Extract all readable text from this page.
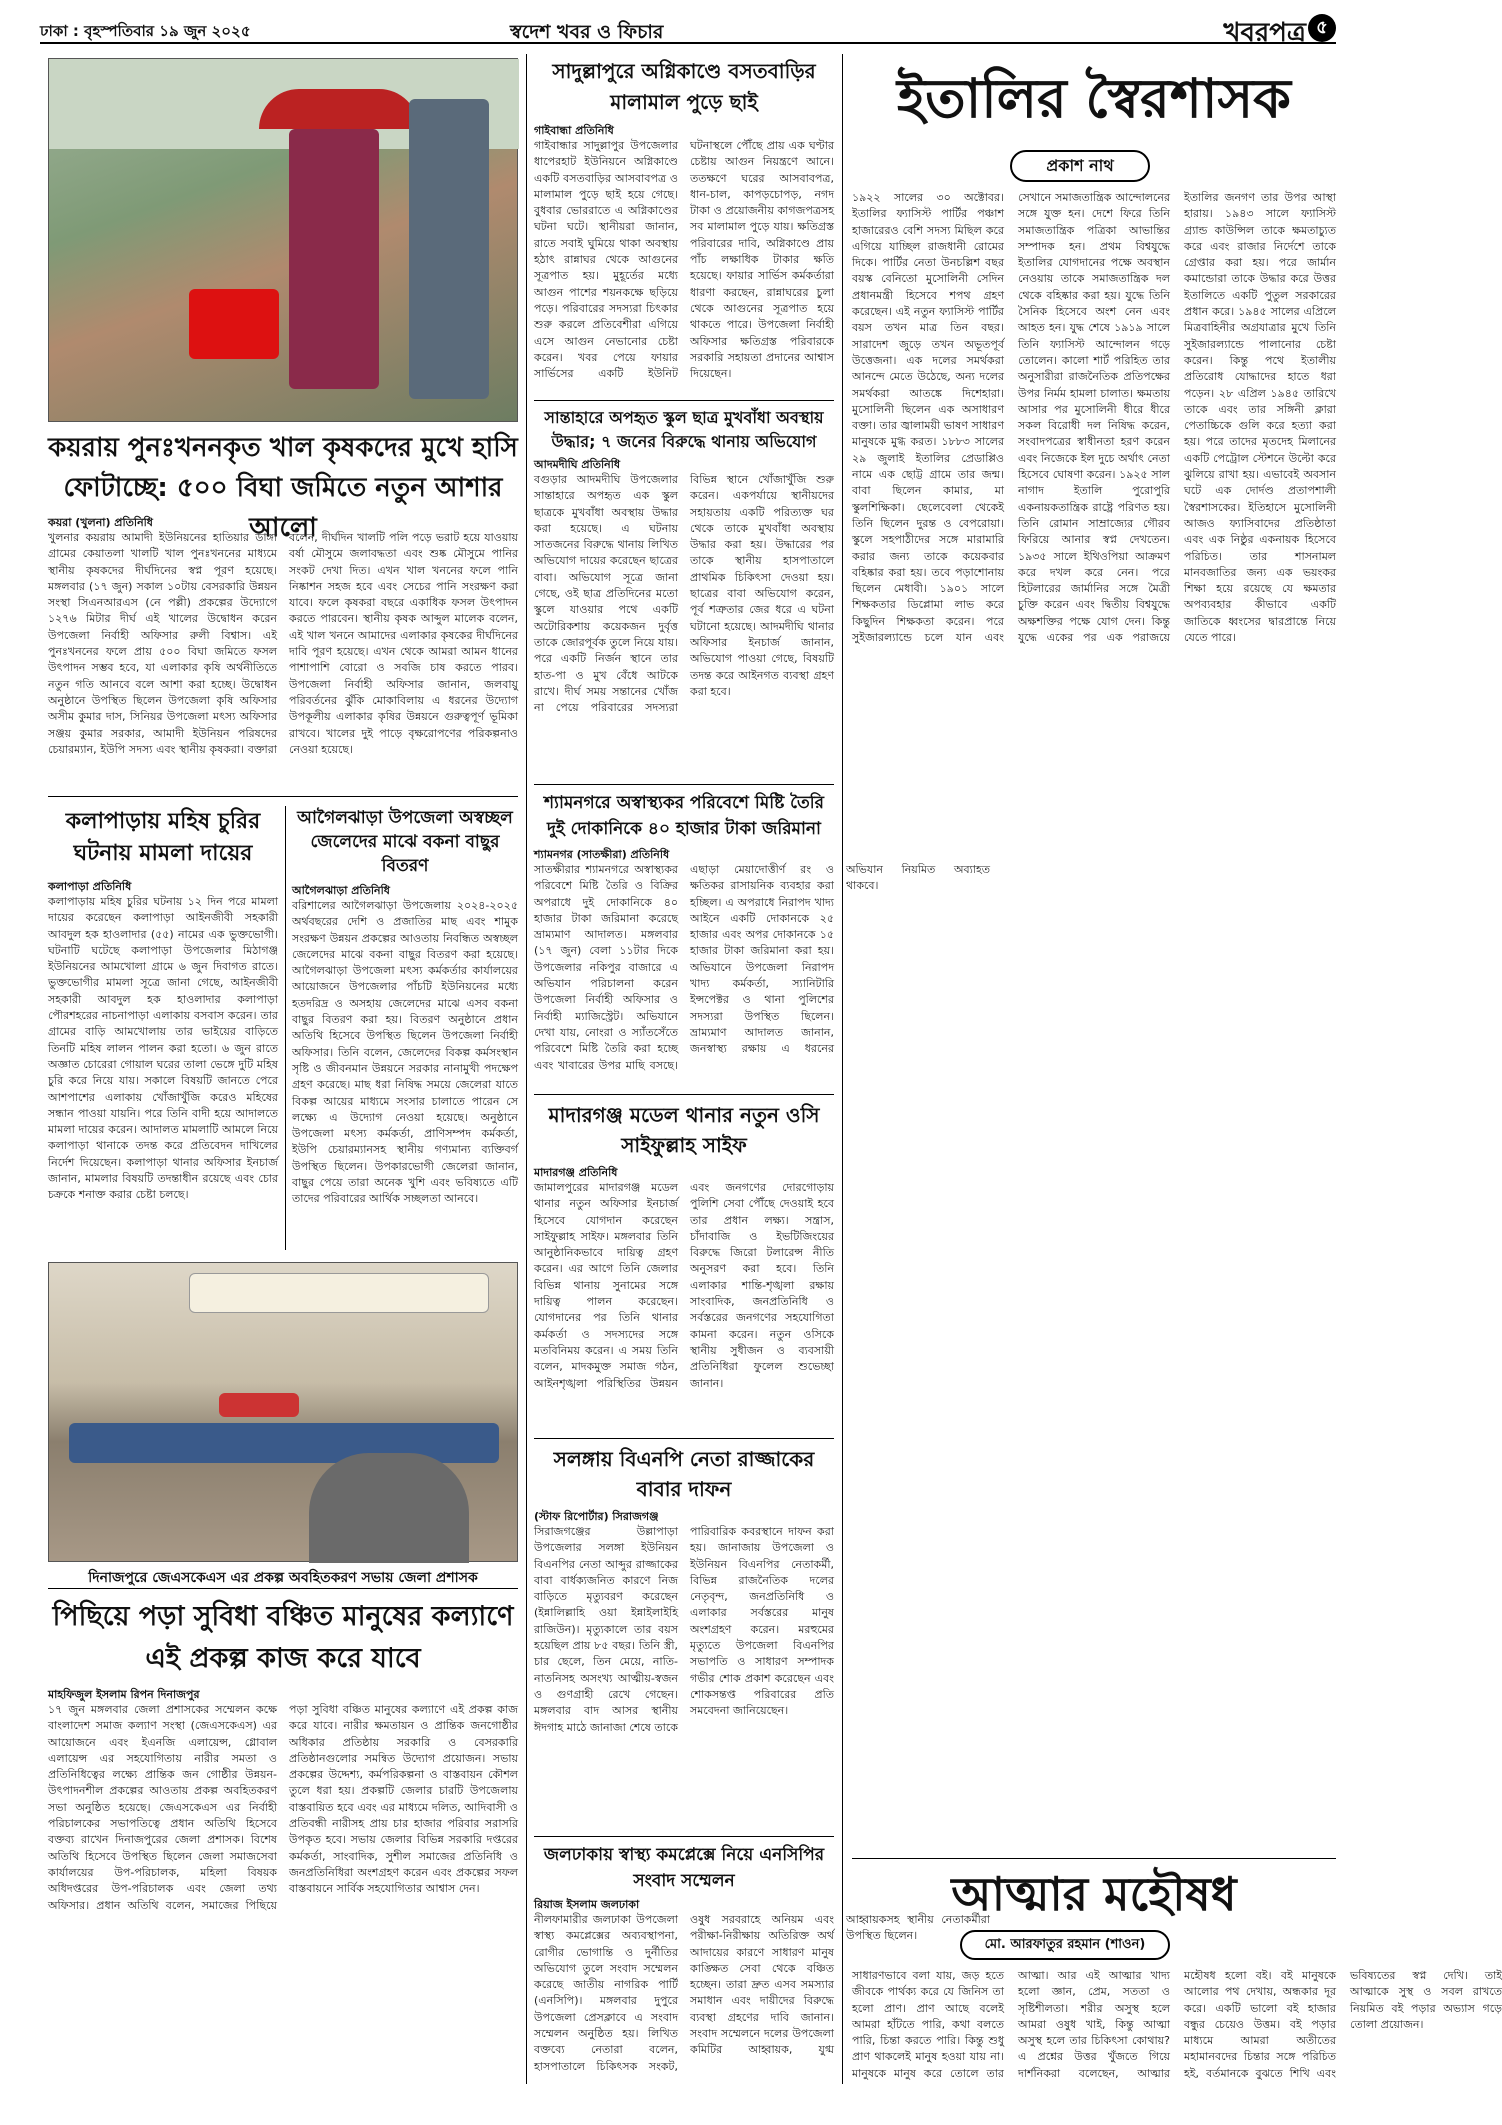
ঢাকা : বৃহস্পতিবার ১৯ জুন ২০২৫	স্বদেশ খবর ও ফিচার	খবরপত্র ৫
কয়রায় পুনঃখননকৃত খাল কৃষকদের মুখে হাসি ফোটাচ্ছে: ৫০০ বিঘা জমিতে নতুন আশার আলো
কয়রা (খুলনা) প্রতিনিধি
খুলনার কয়রায় আমাদী ইউনিয়নের হাতিয়ার ডাঙ্গা গ্রামের কেয়াতলা খালটি খাল পুনঃখননের মাধ্যমে স্থানীয় কৃষকদের দীর্ঘদিনের স্বপ্ন পূরণ হয়েছে। মঙ্গলবার (১৭ জুন) সকাল ১০টায় বেসরকারি উন্নয়ন সংস্থা সিএনআরএস (নে পল্লী) প্রকল্পের উদ্যোগে ১২৭৬ মিটার দীর্ঘ এই খালের উদ্বোধন করেন উপজেলা নির্বাহী অফিসার রুলী বিশ্বাস। এই পুনঃখননের ফলে প্রায় ৫০০ বিঘা জমিতে ফসল উৎপাদন সম্ভব হবে, যা এলাকার কৃষি অর্থনীতিতে নতুন গতি আনবে বলে আশা করা হচ্ছে। উদ্বোধন অনুষ্ঠানে উপস্থিত ছিলেন উপজেলা কৃষি অফিসার অসীম কুমার দাস, সিনিয়র উপজেলা মৎস্য অফিসার সঞ্জয় কুমার সরকার, আমাদী ইউনিয়ন পরিষদের চেয়ারম্যান, ইউপি সদস্য এবং স্থানীয় কৃষকরা। বক্তারা বলেন, দীর্ঘদিন খালটি পলি পড়ে ভরাট হয়ে যাওয়ায় বর্ষা মৌসুমে জলাবদ্ধতা এবং শুষ্ক মৌসুমে পানির সংকট দেখা দিত। এখন খাল খননের ফলে পানি নিষ্কাশন সহজ হবে এবং সেচের পানি সংরক্ষণ করা যাবে। ফলে কৃষকরা বছরে একাধিক ফসল উৎপাদন করতে পারবেন। স্থানীয় কৃষক আব্দুল মালেক বলেন, এই খাল খননে আমাদের এলাকার কৃষকের দীর্ঘদিনের দাবি পূরণ হয়েছে। এখন থেকে আমরা আমন ধানের পাশাপাশি বোরো ও সবজি চাষ করতে পারব। উপজেলা নির্বাহী অফিসার জানান, জলবায়ু পরিবর্তনের ঝুঁকি মোকাবিলায় এ ধরনের উদ্যোগ উপকূলীয় এলাকার কৃষির উন্নয়নে গুরুত্বপূর্ণ ভূমিকা রাখবে। খালের দুই পাড়ে বৃক্ষরোপণের পরিকল্পনাও নেওয়া হয়েছে।
কলাপাড়ায় মহিষ চুরির ঘটনায় মামলা দায়ের
কলাপাড়া প্রতিনিধি
কলাপাড়ায় মহিষ চুরির ঘটনায় ১২ দিন পরে মামলা দায়ের করেছেন কলাপাড়া আইনজীবী সহকারী আবদুল হক হাওলাদার (৫৫) নামের এক ভুক্তভোগী। ঘটনাটি ঘটেছে কলাপাড়া উপজেলার মিঠাগঞ্জ ইউনিয়নের আমখোলা গ্রামে ৬ জুন দিবাগত রাতে। ভুক্তভোগীর মামলা সূত্রে জানা গেছে, আইনজীবী সহকারী আবদুল হক হাওলাদার কলাপাড়া পৌরশহরের নাচনাপাড়া এলাকায় বসবাস করেন। তার গ্রামের বাড়ি আমখোলায় তার ভাইয়ের বাড়িতে তিনটি মহিষ লালন পালন করা হতো। ৬ জুন রাতে অজ্ঞাত চোরেরা গোয়াল ঘরের তালা ভেঙ্গে দুটি মহিষ চুরি করে নিয়ে যায়। সকালে বিষয়টি জানতে পেরে আশপাশের এলাকায় খোঁজাখুঁজি করেও মহিষের সন্ধান পাওয়া যায়নি। পরে তিনি বাদী হয়ে আদালতে মামলা দায়ের করেন। আদালত মামলাটি আমলে নিয়ে কলাপাড়া থানাকে তদন্ত করে প্রতিবেদন দাখিলের নির্দেশ দিয়েছেন। কলাপাড়া থানার অফিসার ইনচার্জ জানান, মামলার বিষয়টি তদন্তাধীন রয়েছে এবং চোর চক্রকে শনাক্ত করার চেষ্টা চলছে।
আগৈলঝাড়া উপজেলা অস্বচ্ছল জেলেদের মাঝে বকনা বাছুর বিতরণ
আগৈলঝাড়া প্রতিনিধি
বরিশালের আগৈলঝাড়া উপজেলায় ২০২৪-২০২৫ অর্থবছরের দেশি ও প্রজাতির মাছ এবং শামুক সংরক্ষণ উন্নয়ন প্রকল্পের আওতায় নিবন্ধিত অস্বচ্ছল জেলেদের মাঝে বকনা বাছুর বিতরণ করা হয়েছে। আগৈলঝাড়া উপজেলা মৎস্য কর্মকর্তার কার্যালয়ের আয়োজনে উপজেলার পাঁচটি ইউনিয়নের মধ্যে হতদরিদ্র ও অসহায় জেলেদের মাঝে এসব বকনা বাছুর বিতরণ করা হয়। বিতরণ অনুষ্ঠানে প্রধান অতিথি হিসেবে উপস্থিত ছিলেন উপজেলা নির্বাহী অফিসার। তিনি বলেন, জেলেদের বিকল্প কর্মসংস্থান সৃষ্টি ও জীবনমান উন্নয়নে সরকার নানামুখী পদক্ষেপ গ্রহণ করেছে। মাছ ধরা নিষিদ্ধ সময়ে জেলেরা যাতে বিকল্প আয়ের মাধ্যমে সংসার চালাতে পারেন সে লক্ষ্যে এ উদ্যোগ নেওয়া হয়েছে। অনুষ্ঠানে উপজেলা মৎস্য কর্মকর্তা, প্রাণিসম্পদ কর্মকর্তা, ইউপি চেয়ারম্যানসহ স্থানীয় গণ্যমান্য ব্যক্তিবর্গ উপস্থিত ছিলেন। উপকারভোগী জেলেরা জানান, বাছুর পেয়ে তারা অনেক খুশি এবং ভবিষ্যতে এটি তাদের পরিবারের আর্থিক সচ্ছলতা আনবে।
দিনাজপুরে জেএসকেএস এর প্রকল্প অবহিতকরণ সভায় জেলা প্রশাসক
পিছিয়ে পড়া সুবিধা বঞ্চিত মানুষের কল্যাণে এই প্রকল্প কাজ করে যাবে
মাহফিজুল ইসলাম রিপন দিনাজপুর
১৭ জুন মঙ্গলবার জেলা প্রশাসকের সম্মেলন কক্ষে বাংলাদেশ সমাজ কল্যাণ সংস্থা (জেএসকেএস) এর আয়োজনে এবং ইএনজি এলায়েন্স, গ্লোবাল এলায়েন্স এর সহযোগিতায় নারীর সমতা ও প্রতিনিধিত্বের লক্ষ্যে প্রান্তিক জন গোষ্ঠীর উন্নয়ন- উৎপাদনশীল প্রকল্পের আওতায় প্রকল্প অবহিতকরণ সভা অনুষ্ঠিত হয়েছে। জেএসকেএস এর নির্বাহী পরিচালকের সভাপতিত্বে প্রধান অতিথি হিসেবে বক্তব্য রাখেন দিনাজপুরের জেলা প্রশাসক। বিশেষ অতিথি হিসেবে উপস্থিত ছিলেন জেলা সমাজসেবা কার্যালয়ের উপ-পরিচালক, মহিলা বিষয়ক অধিদপ্তরের উপ-পরিচালক এবং জেলা তথ্য অফিসার। প্রধান অতিথি বলেন, সমাজের পিছিয়ে পড়া সুবিধা বঞ্চিত মানুষের কল্যাণে এই প্রকল্প কাজ করে যাবে। নারীর ক্ষমতায়ন ও প্রান্তিক জনগোষ্ঠীর অধিকার প্রতিষ্ঠায় সরকারি ও বেসরকারি প্রতিষ্ঠানগুলোর সমন্বিত উদ্যোগ প্রয়োজন। সভায় প্রকল্পের উদ্দেশ্য, কর্মপরিকল্পনা ও বাস্তবায়ন কৌশল তুলে ধরা হয়। প্রকল্পটি জেলার চারটি উপজেলায় বাস্তবায়িত হবে এবং এর মাধ্যমে দলিত, আদিবাসী ও প্রতিবন্ধী নারীসহ প্রায় চার হাজার পরিবার সরাসরি উপকৃত হবে। সভায় জেলার বিভিন্ন সরকারি দপ্তরের কর্মকর্তা, সাংবাদিক, সুশীল সমাজের প্রতিনিধি ও জনপ্রতিনিধিরা অংশগ্রহণ করেন এবং প্রকল্পের সফল বাস্তবায়নে সার্বিক সহযোগিতার আশ্বাস দেন।
সাদুল্লাপুরে অগ্নিকাণ্ডে বসতবাড়ির মালামাল পুড়ে ছাই
গাইবান্ধা প্রতিনিধি
গাইবান্ধার সাদুল্লাপুর উপজেলার ধাপেরহাট ইউনিয়নে অগ্নিকাণ্ডে একটি বসতবাড়ির আসবাবপত্র ও মালামাল পুড়ে ছাই হয়ে গেছে। বুধবার ভোররাতে এ অগ্নিকাণ্ডের ঘটনা ঘটে। স্থানীয়রা জানান, রাতে সবাই ঘুমিয়ে থাকা অবস্থায় হঠাৎ রান্নাঘর থেকে আগুনের সূত্রপাত হয়। মুহূর্তের মধ্যে আগুন পাশের শয়নকক্ষে ছড়িয়ে পড়ে। পরিবারের সদস্যরা চিৎকার শুরু করলে প্রতিবেশীরা এগিয়ে এসে আগুন নেভানোর চেষ্টা করেন। খবর পেয়ে ফায়ার সার্ভিসের একটি ইউনিট ঘটনাস্থলে পৌঁছে প্রায় এক ঘণ্টার চেষ্টায় আগুন নিয়ন্ত্রণে আনে। ততক্ষণে ঘরের আসবাবপত্র, ধান-চাল, কাপড়চোপড়, নগদ টাকা ও প্রয়োজনীয় কাগজপত্রসহ সব মালামাল পুড়ে যায়। ক্ষতিগ্রস্ত পরিবারের দাবি, অগ্নিকাণ্ডে প্রায় পাঁচ লক্ষাধিক টাকার ক্ষতি হয়েছে। ফায়ার সার্ভিস কর্মকর্তারা ধারণা করছেন, রান্নাঘরের চুলা থেকে আগুনের সূত্রপাত হয়ে থাকতে পারে। উপজেলা নির্বাহী অফিসার ক্ষতিগ্রস্ত পরিবারকে সরকারি সহায়তা প্রদানের আশ্বাস দিয়েছেন।
সান্তাহারে অপহৃত স্কুল ছাত্র মুখবাঁধা অবস্থায় উদ্ধার; ৭ জনের বিরুদ্ধে থানায় অভিযোগ
আদমদীঘি প্রতিনিধি
বগুড়ার আদমদীঘি উপজেলার সান্তাহারে অপহৃত এক স্কুল ছাত্রকে মুখবাঁধা অবস্থায় উদ্ধার করা হয়েছে। এ ঘটনায় সাতজনের বিরুদ্ধে থানায় লিখিত অভিযোগ দায়ের করেছেন ছাত্রের বাবা। অভিযোগ সূত্রে জানা গেছে, ওই ছাত্র প্রতিদিনের মতো স্কুলে যাওয়ার পথে একটি অটোরিকশায় কয়েকজন দুর্বৃত্ত তাকে জোরপূর্বক তুলে নিয়ে যায়। পরে একটি নির্জন স্থানে তার হাত-পা ও মুখ বেঁধে আটকে রাখে। দীর্ঘ সময় সন্তানের খোঁজ না পেয়ে পরিবারের সদস্যরা বিভিন্ন স্থানে খোঁজাখুঁজি শুরু করেন। একপর্যায়ে স্থানীয়দের সহায়তায় একটি পরিত্যক্ত ঘর থেকে তাকে মুখবাঁধা অবস্থায় উদ্ধার করা হয়। উদ্ধারের পর তাকে স্থানীয় হাসপাতালে প্রাথমিক চিকিৎসা দেওয়া হয়। ছাত্রের বাবা অভিযোগ করেন, পূর্ব শত্রুতার জের ধরে এ ঘটনা ঘটানো হয়েছে। আদমদীঘি থানার অফিসার ইনচার্জ জানান, অভিযোগ পাওয়া গেছে, বিষয়টি তদন্ত করে আইনগত ব্যবস্থা গ্রহণ করা হবে।
শ্যামনগরে অস্বাস্থ্যকর পরিবেশে মিষ্টি তৈরি দুই দোকানিকে ৪০ হাজার টাকা জরিমানা
শ্যামনগর (সাতক্ষীরা) প্রতিনিধি
সাতক্ষীরার শ্যামনগরে অস্বাস্থ্যকর পরিবেশে মিষ্টি তৈরি ও বিক্রির অপরাধে দুই দোকানিকে ৪০ হাজার টাকা জরিমানা করেছে ভ্রাম্যমাণ আদালত। মঙ্গলবার (১৭ জুন) বেলা ১১টার দিকে উপজেলার নকিপুর বাজারে এ অভিযান পরিচালনা করেন উপজেলা নির্বাহী অফিসার ও নির্বাহী ম্যাজিস্ট্রেট। অভিযানে দেখা যায়, নোংরা ও স্যাঁতসেঁতে পরিবেশে মিষ্টি তৈরি করা হচ্ছে এবং খাবারের উপর মাছি বসছে। এছাড়া মেয়াদোত্তীর্ণ রং ও ক্ষতিকর রাসায়নিক ব্যবহার করা হচ্ছিল। এ অপরাধে নিরাপদ খাদ্য আইনে একটি দোকানকে ২৫ হাজার এবং অপর দোকানকে ১৫ হাজার টাকা জরিমানা করা হয়। অভিযানে উপজেলা নিরাপদ খাদ্য কর্মকর্তা, স্যানিটারি ইন্সপেক্টর ও থানা পুলিশের সদস্যরা উপস্থিত ছিলেন। ভ্রাম্যমাণ আদালত জানান, জনস্বাস্থ্য রক্ষায় এ ধরনের অভিযান নিয়মিত অব্যাহত থাকবে।
মাদারগঞ্জ মডেল থানার নতুন ওসি সাইফুল্লাহ সাইফ
মাদারগঞ্জ প্রতিনিধি
জামালপুরের মাদারগঞ্জ মডেল থানার নতুন অফিসার ইনচার্জ হিসেবে যোগদান করেছেন সাইফুল্লাহ সাইফ। মঙ্গলবার তিনি আনুষ্ঠানিকভাবে দায়িত্ব গ্রহণ করেন। এর আগে তিনি জেলার বিভিন্ন থানায় সুনামের সঙ্গে দায়িত্ব পালন করেছেন। যোগদানের পর তিনি থানার কর্মকর্তা ও সদস্যদের সঙ্গে মতবিনিময় করেন। এ সময় তিনি বলেন, মাদকমুক্ত সমাজ গঠন, আইনশৃঙ্খলা পরিস্থিতির উন্নয়ন এবং জনগণের দোরগোড়ায় পুলিশি সেবা পৌঁছে দেওয়াই হবে তার প্রধান লক্ষ্য। সন্ত্রাস, চাঁদাবাজি ও ইভটিজিংয়ের বিরুদ্ধে জিরো টলারেন্স নীতি অনুসরণ করা হবে। তিনি এলাকার শান্তি-শৃঙ্খলা রক্ষায় সাংবাদিক, জনপ্রতিনিধি ও সর্বস্তরের জনগণের সহযোগিতা কামনা করেন। নতুন ওসিকে স্থানীয় সুধীজন ও ব্যবসায়ী প্রতিনিধিরা ফুলেল শুভেচ্ছা জানান।
সলঙ্গায় বিএনপি নেতা রাজ্জাকের বাবার দাফন
(স্টাফ রিপোর্টার) সিরাজগঞ্জ
সিরাজগঞ্জের উল্লাপাড়া উপজেলার সলঙ্গা ইউনিয়ন বিএনপির নেতা আব্দুর রাজ্জাকের বাবা বার্ধক্যজনিত কারণে নিজ বাড়িতে মৃত্যুবরণ করেছেন (ইন্নালিল্লাহি ওয়া ইন্নাইলাইহি রাজিউন)। মৃত্যুকালে তার বয়স হয়েছিল প্রায় ৮৫ বছর। তিনি স্ত্রী, চার ছেলে, তিন মেয়ে, নাতি-নাতনিসহ অসংখ্য আত্মীয়-স্বজন ও গুণগ্রাহী রেখে গেছেন। মঙ্গলবার বাদ আসর স্থানীয় ঈদগাহ মাঠে জানাজা শেষে তাকে পারিবারিক কবরস্থানে দাফন করা হয়। জানাজায় উপজেলা ও ইউনিয়ন বিএনপির নেতাকর্মী, বিভিন্ন রাজনৈতিক দলের নেতৃবৃন্দ, জনপ্রতিনিধি ও এলাকার সর্বস্তরের মানুষ অংশগ্রহণ করেন। মরহুমের মৃত্যুতে উপজেলা বিএনপির সভাপতি ও সাধারণ সম্পাদক গভীর শোক প্রকাশ করেছেন এবং শোকসন্তপ্ত পরিবারের প্রতি সমবেদনা জানিয়েছেন।
জলঢাকায় স্বাস্থ্য কমপ্লেক্সে নিয়ে এনসিপির সংবাদ সম্মেলন
রিয়াজ ইসলাম জলঢাকা
নীলফামারীর জলঢাকা উপজেলা স্বাস্থ্য কমপ্লেক্সের অব্যবস্থাপনা, রোগীর ভোগান্তি ও দুর্নীতির অভিযোগ তুলে সংবাদ সম্মেলন করেছে জাতীয় নাগরিক পার্টি (এনসিপি)। মঙ্গলবার দুপুরে উপজেলা প্রেসক্লাবে এ সংবাদ সম্মেলন অনুষ্ঠিত হয়। লিখিত বক্তব্যে নেতারা বলেন, হাসপাতালে চিকিৎসক সংকট, ওষুধ সরবরাহে অনিয়ম এবং পরীক্ষা-নিরীক্ষায় অতিরিক্ত অর্থ আদায়ের কারণে সাধারণ মানুষ কাঙ্ক্ষিত সেবা থেকে বঞ্চিত হচ্ছেন। তারা দ্রুত এসব সমস্যার সমাধান এবং দায়ীদের বিরুদ্ধে ব্যবস্থা গ্রহণের দাবি জানান। সংবাদ সম্মেলনে দলের উপজেলা কমিটির আহ্বায়ক, যুগ্ম আহ্বায়কসহ স্থানীয় নেতাকর্মীরা উপস্থিত ছিলেন।
ইতালির স্বৈরশাসক
প্রকাশ নাথ
১৯২২ সালের ৩০ অক্টোবর। ইতালির ফ্যাসিস্ট পার্টির পঞ্চাশ হাজারেরও বেশি সদস্য মিছিল করে এগিয়ে যাচ্ছিল রাজধানী রোমের দিকে। পার্টির নেতা উনচল্লিশ বছর বয়স্ক বেনিতো মুসোলিনী সেদিন প্রধানমন্ত্রী হিসেবে শপথ গ্রহণ করেছেন। এই নতুন ফ্যাসিস্ট পার্টির বয়স তখন মাত্র তিন বছর। সারাদেশ জুড়ে তখন অভূতপূর্ব উত্তেজনা। এক দলের সমর্থকরা আনন্দে মেতে উঠেছে, অন্য দলের সমর্থকরা আতঙ্কে দিশেহারা। মুসোলিনী ছিলেন এক অসাধারণ বক্তা। তার জ্বালাময়ী ভাষণ সাধারণ মানুষকে মুগ্ধ করত। ১৮৮৩ সালের ২৯ জুলাই ইতালির প্রেডাপ্পিও নামে এক ছোট্ট গ্রামে তার জন্ম। বাবা ছিলেন কামার, মা স্কুলশিক্ষিকা। ছেলেবেলা থেকেই তিনি ছিলেন দুরন্ত ও বেপরোয়া। স্কুলে সহপাঠীদের সঙ্গে মারামারি করার জন্য তাকে কয়েকবার বহিষ্কার করা হয়। তবে পড়াশোনায় ছিলেন মেধাবী। ১৯০১ সালে শিক্ষকতার ডিপ্লোমা লাভ করে কিছুদিন শিক্ষকতা করেন। পরে সুইজারল্যান্ডে চলে যান এবং সেখানে সমাজতান্ত্রিক আন্দোলনের সঙ্গে যুক্ত হন। দেশে ফিরে তিনি সমাজতান্ত্রিক পত্রিকা আভান্তির সম্পাদক হন। প্রথম বিশ্বযুদ্ধে ইতালির যোগদানের পক্ষে অবস্থান নেওয়ায় তাকে সমাজতান্ত্রিক দল থেকে বহিষ্কার করা হয়। যুদ্ধে তিনি সৈনিক হিসেবে অংশ নেন এবং আহত হন। যুদ্ধ শেষে ১৯১৯ সালে তিনি ফ্যাসিস্ট আন্দোলন গড়ে তোলেন। কালো শার্ট পরিহিত তার অনুসারীরা রাজনৈতিক প্রতিপক্ষের উপর নির্মম হামলা চালাত। ক্ষমতায় আসার পর মুসোলিনী ধীরে ধীরে সকল বিরোধী দল নিষিদ্ধ করেন, সংবাদপত্রের স্বাধীনতা হরণ করেন এবং নিজেকে ইল দুচে অর্থাৎ নেতা হিসেবে ঘোষণা করেন। ১৯২৫ সাল নাগাদ ইতালি পুরোপুরি একনায়কতান্ত্রিক রাষ্ট্রে পরিণত হয়। তিনি রোমান সাম্রাজ্যের গৌরব ফিরিয়ে আনার স্বপ্ন দেখতেন। ১৯৩৫ সালে ইথিওপিয়া আক্রমণ করে দখল করে নেন। পরে হিটলারের জার্মানির সঙ্গে মৈত্রী চুক্তি করেন এবং দ্বিতীয় বিশ্বযুদ্ধে অক্ষশক্তির পক্ষে যোগ দেন। কিন্তু যুদ্ধে একের পর এক পরাজয়ে ইতালির জনগণ তার উপর আস্থা হারায়। ১৯৪৩ সালে ফ্যাসিস্ট গ্র্যান্ড কাউন্সিল তাকে ক্ষমতাচ্যুত করে এবং রাজার নির্দেশে তাকে গ্রেপ্তার করা হয়। পরে জার্মান কমান্ডোরা তাকে উদ্ধার করে উত্তর ইতালিতে একটি পুতুল সরকারের প্রধান করে। ১৯৪৫ সালের এপ্রিলে মিত্রবাহিনীর অগ্রযাত্রার মুখে তিনি সুইজারল্যান্ডে পালানোর চেষ্টা করেন। কিন্তু পথে ইতালীয় প্রতিরোধ যোদ্ধাদের হাতে ধরা পড়েন। ২৮ এপ্রিল ১৯৪৫ তারিখে তাকে এবং তার সঙ্গিনী ক্লারা পেতাচ্চিকে গুলি করে হত্যা করা হয়। পরে তাদের মৃতদেহ মিলানের একটি পেট্রোল স্টেশনে উল্টো করে ঝুলিয়ে রাখা হয়। এভাবেই অবসান ঘটে এক দোর্দণ্ড প্রতাপশালী স্বৈরশাসকের। ইতিহাসে মুসোলিনী আজও ফ্যাসিবাদের প্রতিষ্ঠাতা এবং এক নিষ্ঠুর একনায়ক হিসেবে পরিচিত। তার শাসনামল মানবজাতির জন্য এক ভয়ংকর শিক্ষা হয়ে রয়েছে যে ক্ষমতার অপব্যবহার কীভাবে একটি জাতিকে ধ্বংসের দ্বারপ্রান্তে নিয়ে যেতে পারে।
আত্মার মহৌষধ
মো. আরফাতুর রহমান (শাওন)
সাধারণভাবে বলা যায়, জড় হতে জীবকে পার্থক্য করে যে জিনিস তা হলো প্রাণ। প্রাণ আছে বলেই আমরা হাঁটতে পারি, কথা বলতে পারি, চিন্তা করতে পারি। কিন্তু শুধু প্রাণ থাকলেই মানুষ হওয়া যায় না। মানুষকে মানুষ করে তোলে তার আত্মা। আর এই আত্মার খাদ্য হলো জ্ঞান, প্রেম, সততা ও সৃষ্টিশীলতা। শরীর অসুস্থ হলে আমরা ওষুধ খাই, কিন্তু আত্মা অসুস্থ হলে তার চিকিৎসা কোথায়? এ প্রশ্নের উত্তর খুঁজতে গিয়ে দার্শনিকরা বলেছেন, আত্মার মহৌষধ হলো বই। বই মানুষকে আলোর পথ দেখায়, অন্ধকার দূর করে। একটি ভালো বই হাজার বন্ধুর চেয়েও উত্তম। বই পড়ার মাধ্যমে আমরা অতীতের মহামানবদের চিন্তার সঙ্গে পরিচিত হই, বর্তমানকে বুঝতে শিখি এবং ভবিষ্যতের স্বপ্ন দেখি। তাই আত্মাকে সুস্থ ও সবল রাখতে নিয়মিত বই পড়ার অভ্যাস গড়ে তোলা প্রয়োজন।
